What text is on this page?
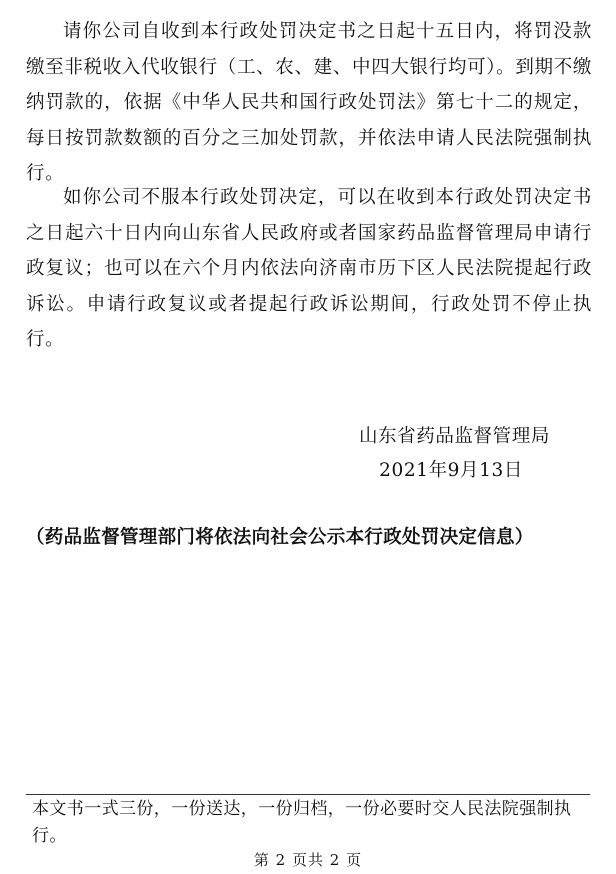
请你公司自收到本行政处罚决定书之日起十五日内，将罚没款缴至非税收入代收银行（工、农、建、中四大银行均可）。到期不缴纳罚款的，依据《中华人民共和国行政处罚法》第七十二的规定，每日按罚款数额的百分之三加处罚款，并依法申请人民法院强制执行。

如你公司不服本行政处罚决定，可以在收到本行政处罚决定书之日起六十日内向山东省人民政府或者国家药品监督管理局申请行政复议；也可以在六个月内依法向济南市历下区人民法院提起行政诉讼。申请行政复议或者提起行政诉讼期间，行政处罚不停止执行。

山东省药品监督管理局
2021年9月13日
（药品监督管理部门将依法向社会公示本行政处罚决定信息）

本文书一式三份，一份送达，一份归档，一份必要时交人民法院强制执行。

第 2 页共 2 页
